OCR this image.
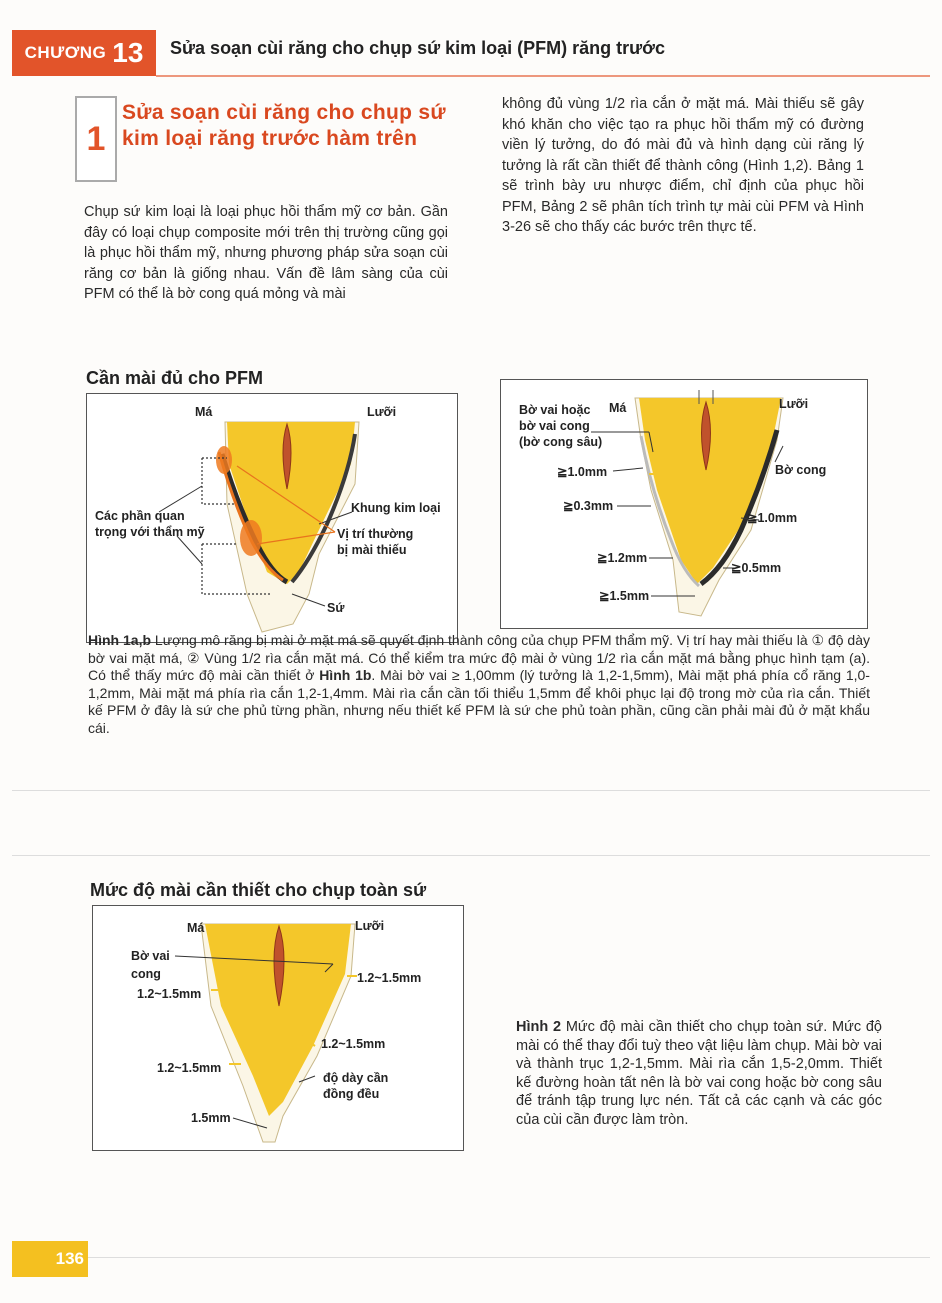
CHƯƠNG 13 Sửa soạn cùi răng cho chụp sứ kim loại (PFM) răng trước
1
Sửa soạn cùi răng cho chụp sứ kim loại răng trước hàm trên
Chụp sứ kim loại là loại phục hồi thẩm mỹ cơ bản. Gần đây có loại chụp composite mới trên thị trường cũng gọi là phục hồi thẩm mỹ, nhưng phương pháp sửa soạn cùi răng cơ bản là giống nhau. Vấn đề lâm sàng của cùi PFM có thể là bờ cong quá mỏng và mài
không đủ vùng 1/2 rìa cắn ở mặt má. Mài thiếu sẽ gây khó khăn cho việc tạo ra phục hồi thẩm mỹ có đường viền lý tưởng, do đó mài đủ và hình dạng cùi răng lý tưởng là rất cần thiết để thành công (Hình 1,2). Bảng 1 sẽ trình bày ưu nhược điểm, chỉ định của phục hồi PFM, Bảng 2 sẽ phân tích trình tự mài cùi PFM và Hình 3-26 sẽ cho thấy các bước trên thực tế.
Cần mài đủ cho PFM
Má	Lưỡi
Khung kim loại
Các phần quan
trọng với thẩm mỹ	Vị trí thường
bị mài thiếu
Sứ
Bờ vai hoặc
bờ vai cong
(bờ cong sâu)
Má	Lưỡi
Bờ cong
≧1.0mm
≧0.3mm
≧1.0mm
≧1.2mm
≧0.5mm
≧1.5mm
Hình 1a,b Lượng mô răng bị mài ở mặt má sẽ quyết định thành công của chụp PFM thẩm mỹ. Vị trí hay mài thiếu là ① độ dày bờ vai mặt má, ② Vùng 1/2 rìa cắn mặt má. Có thể kiểm tra mức độ mài ở vùng 1/2 rìa cắn mặt má bằng phục hình tạm (a). Có thể thấy mức độ mài cần thiết ở Hình 1b. Mài bờ vai ≥ 1,00mm (lý tưởng là 1,2-1,5mm), Mài mặt phá phía cổ răng 1,0-1,2mm, Mài mặt má phía rìa cắn 1,2-1,4mm. Mài rìa cắn cần tối thiểu 1,5mm để khôi phục lại độ trong mờ của rìa cắn. Thiết kế PFM ở đây là sứ che phủ từng phần, nhưng nếu thiết kế PFM là sứ che phủ toàn phần, cũng cần phải mài đủ ở mặt khẩu cái.
Mức độ mài cần thiết cho chụp toàn sứ
Má	Lưỡi
Bờ vai
cong
1.2~1.5mm
1.2~1.5mm
1.2~1.5mm
1.2~1.5mm
độ dày cần
đồng đều
1.5mm
Hình 2 Mức độ mài cần thiết cho chụp toàn sứ. Mức độ mài có thể thay đổi tuỳ theo vật liệu làm chụp. Mài bờ vai và thành trục 1,2-1,5mm. Mài rìa cắn 1,5-2,0mm. Thiết kế đường hoàn tất nên là bờ vai cong hoặc bờ cong sâu để tránh tập trung lực nén. Tất cả các cạnh và các góc của cùi cần được làm tròn.
136
